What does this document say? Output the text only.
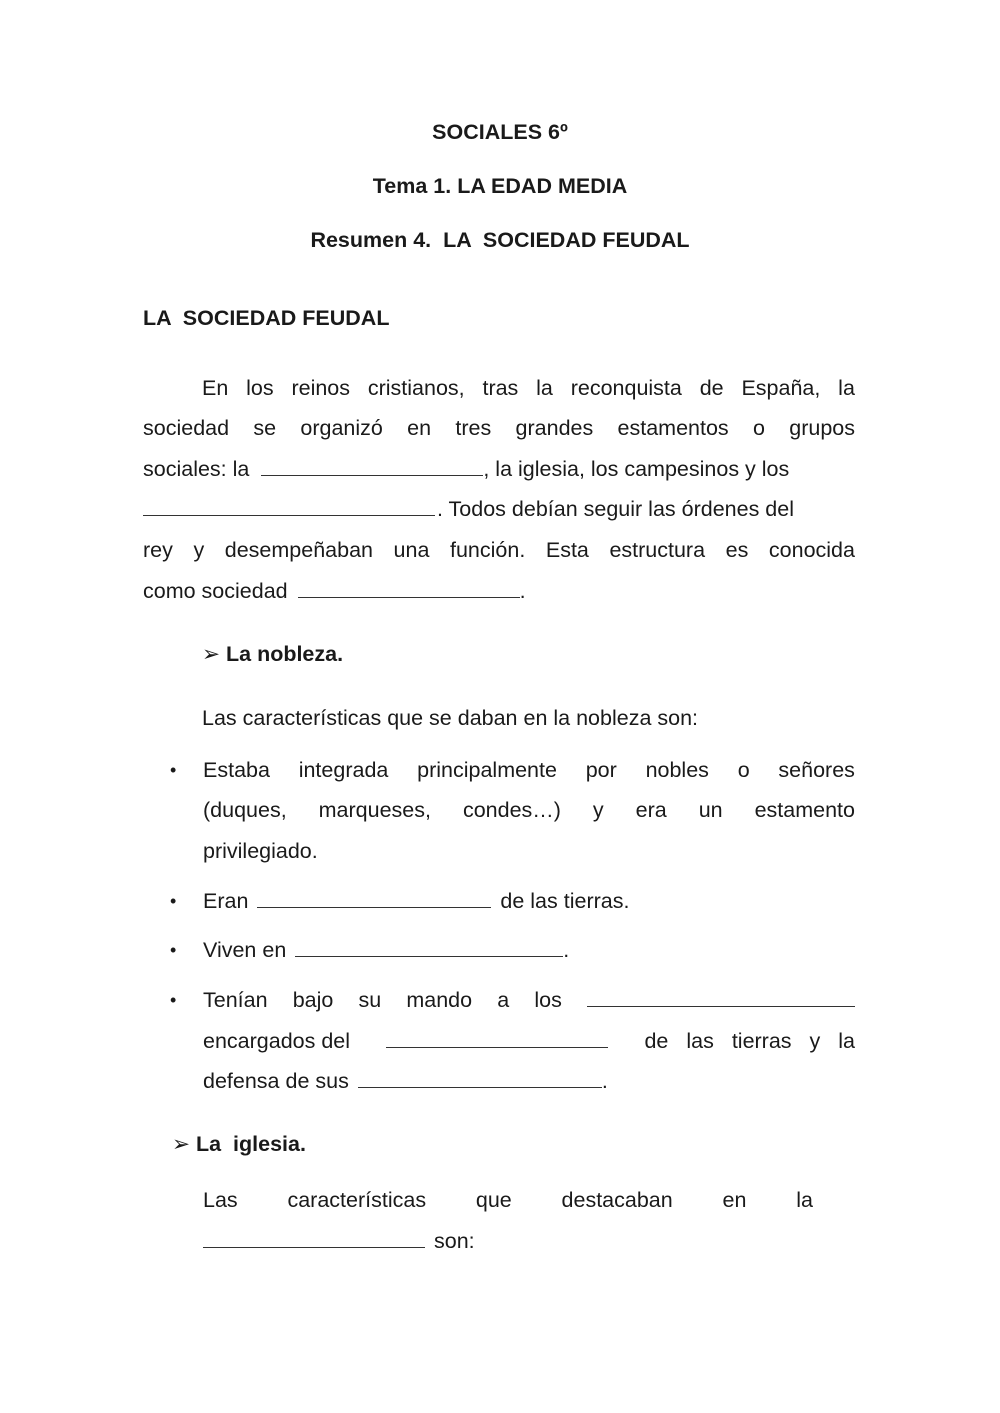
SOCIALES 6º
Tema 1. LA EDAD MEDIA
Resumen 4.  LA  SOCIEDAD FEUDAL
LA  SOCIEDAD FEUDAL
En los reinos cristianos, tras la reconquista de España, la
sociedad se organizó en tres grandes estamentos o grupos
sociales: la	, la iglesia, los campesinos y los
. Todos debían seguir las órdenes del
rey y desempeñaban una función. Esta estructura es conocida
como sociedad	.
➢ La nobleza.
Las características que se daban en la nobleza son:
• Estaba integrada principalmente por nobles o señores
(duques, marqueses, condes…) y era un estamento
privilegiado.
• Eran	de las tierras.
• Viven en	.
• Tenían bajo su mando a los
encargados del	de las tierras y la
defensa de sus	.
➢ La  iglesia.
Las características que destacaban en la
son:
